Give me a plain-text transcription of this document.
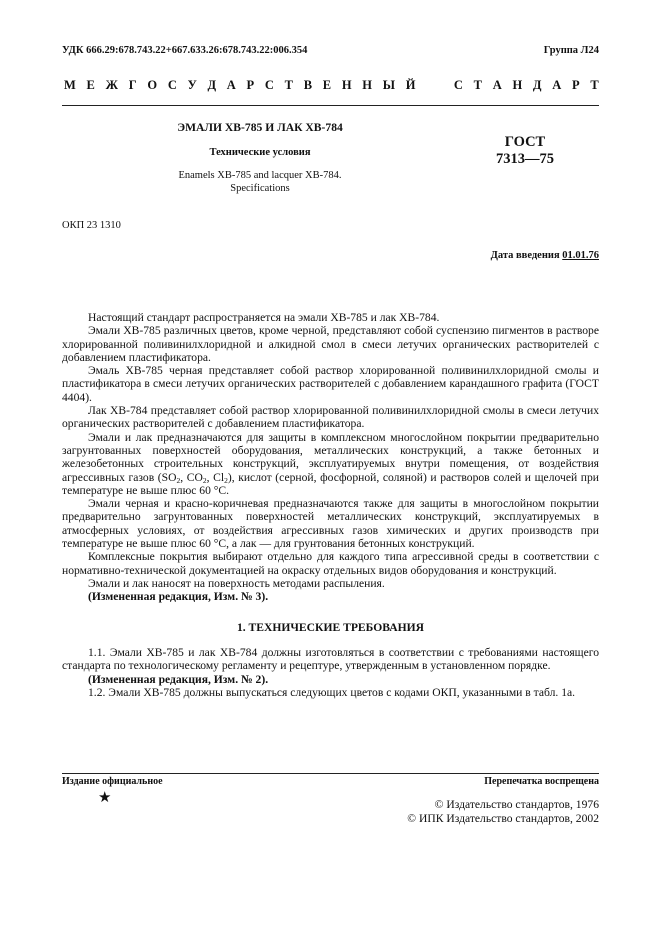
УДК 666.29:678.743.22+667.633.26:678.743.22:006.354	Группа Л24
М Е Ж Г О С У Д А Р С Т В Е Н Н Ы Й

	С Т А Н Д А Р Т
ЭМАЛИ ХВ-785 И ЛАК ХВ-784
Технические условия
Enamels XB-785 and lacquer XB-784.
Specifications
ГОСТ
7313—75
ОКП 23 1310
Дата введения 01.01.76

Настоящий стандарт распространяется на эмали ХВ-785 и лак ХВ-784.

Эмали ХВ-785 различных цветов, кроме черной, представляют собой суспензию пигментов в растворе хлорированной поливинилхлоридной и алкидной смол в смеси летучих органических растворителей с добавлением пластификатора.

Эмаль ХВ-785 черная представляет собой раствор хлорированной поливинилхлоридной смолы и пластификатора в смеси летучих органических растворителей с добавлением карандашного графита (ГОСТ 4404).

Лак ХВ-784 представляет собой раствор хлорированной поливинилхлоридной смолы в смеси летучих органических растворителей с добавлением пластификатора.

Эмали и лак предназначаются для защиты в комплексном многослойном покрытии предварительно загрунтованных поверхностей оборудования, металлических конструкций, а также бетонных и железобетонных строительных конструкций, эксплуатируемых внутри помещения, от воздействия агрессивных газов ($SO_2$, $CO_2$, $Cl_2$), кислот (серной, фосфорной, соляной) и растворов солей и щелочей при температуре не выше плюс 60 °С.

Эмали черная и красно-коричневая предназначаются также для защиты в многослойном покрытии предварительно загрунтованных поверхностей металлических конструкций, эксплуатируемых в атмосферных условиях, от воздействия агрессивных газов химических и других производств при температуре не выше плюс 60 °С, а лак — для грунтования бетонных конструкций.

Комплексные покрытия выбирают отдельно для каждого типа агрессивной среды в соответствии с нормативно-технической документацией на окраску отдельных видов оборудования и конструкций.

Эмали и лак наносят на поверхность методами распыления.

(Измененная редакция, Изм. № 3).

1. ТЕХНИЧЕСКИЕ ТРЕБОВАНИЯ

1.1. Эмали ХВ-785 и лак ХВ-784 должны изготовляться в соответствии с требованиями настоящего стандарта по технологическому регламенту и рецептуре, утвержденным в установленном порядке.

(Измененная редакция, Изм. № 2).

1.2. Эмали ХВ-785 должны выпускаться следующих цветов с кодами ОКП, указанными в табл. 1а.

Издание официальное	Перепечатка воспрещена
★	© Издательство стандартов, 1976
© ИПК Издательство стандартов, 2002
